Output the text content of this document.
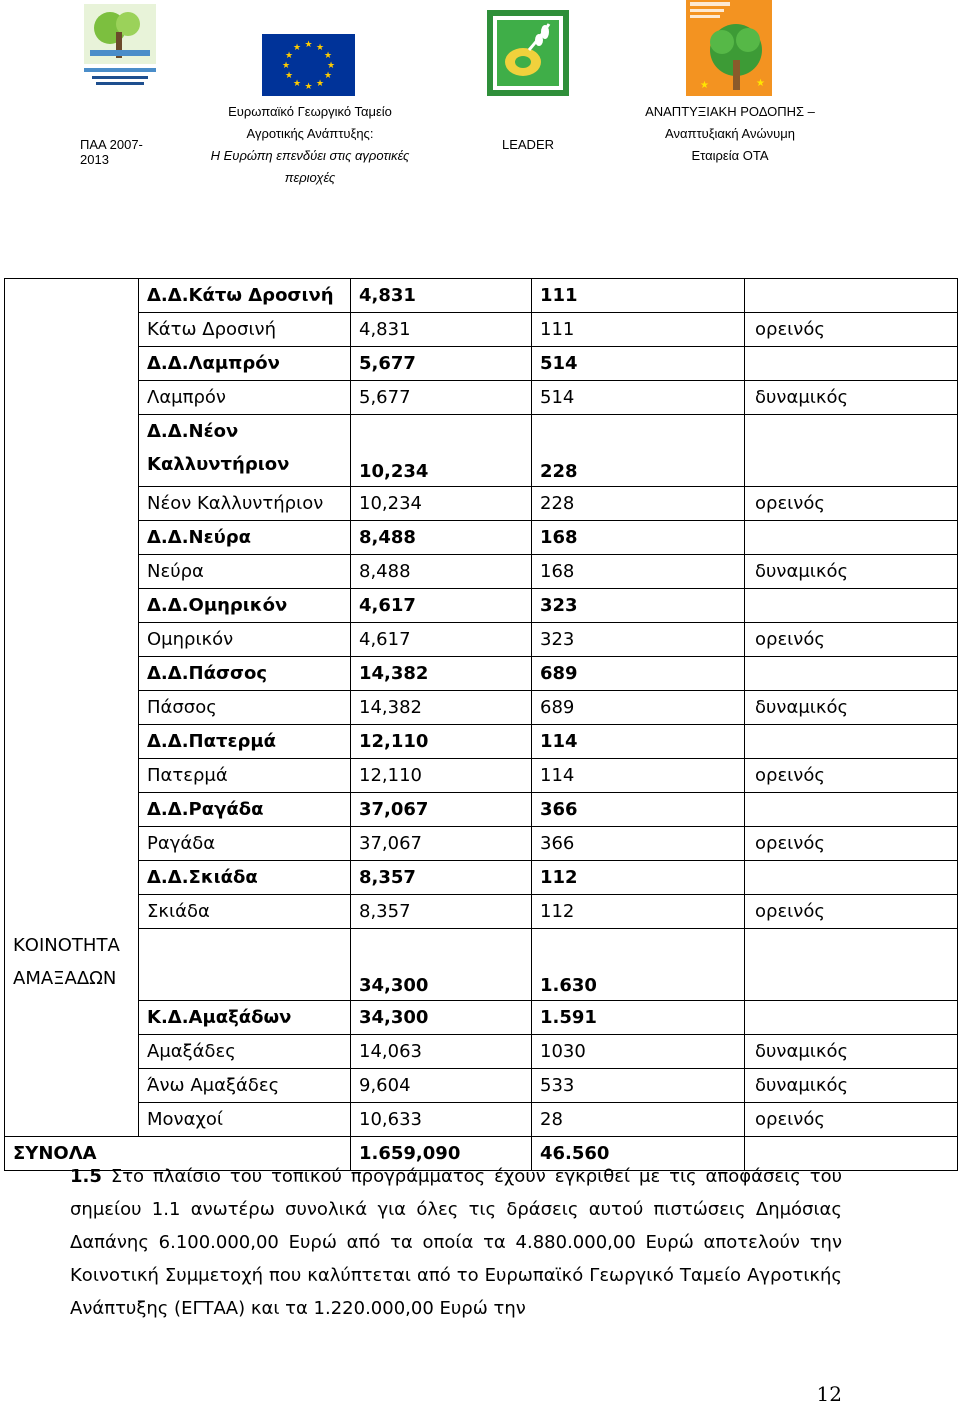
★ ★
★
★
★
★
★
★
★
★
★
★
★	★
ΠΑΑ 2007-2013
Ευρωπαϊκό Γεωργικό Ταμείο
Αγροτικής Ανάπτυξης:
Η Ευρώπη επενδύει στις αγροτικές
περιοχές
LEADER
ΑΝΑΠΤΥΞΙΑΚΗ ΡΟΔΟΠΗΣ –
Αναπτυξιακή Ανώνυμη
Εταιρεία ΟΤΑ
	Δ.Δ.Κάτω Δροσινή	4,831	111	
	Κάτω Δροσινή	4,831	111	ορεινός
	Δ.Δ.Λαμπρόν	5,677	514	
	Λαμπρόν	5,677	514	δυναμικός

	Δ.Δ.Νέον
Καλλυντήριον	10,234	228	
	Νέον Καλλυντήριον	10,234	228	ορεινός
	Δ.Δ.Νεύρα	8,488	168	
	Νεύρα	8,488	168	δυναμικός
	Δ.Δ.Ομηρικόν	4,617	323	
	Ομηρικόν	4,617	323	ορεινός
	Δ.Δ.Πάσσος	14,382	689	
	Πάσσος	14,382	689	δυναμικός
	Δ.Δ.Πατερμά	12,110	114	
	Πατερμά	12,110	114	ορεινός
	Δ.Δ.Ραγάδα	37,067	366	
	Ραγάδα	37,067	366	ορεινός
	Δ.Δ.Σκιάδα	8,357	112	
	Σκιάδα	8,357	112	ορεινός

ΚΟΙΝΟΤΗΤΑ
ΑΜΑΞΑΔΩΝ		34,300	1.630	
	Κ.Δ.Αμαξάδων	34,300	1.591	
	Αμαξάδες	14,063	1030	δυναμικός
	Άνω Αμαξάδες	9,604	533	δυναμικός
	Μοναχοί	10,633	28	ορεινός
ΣΥΝΟΛΑ		1.659,090	46.560	
1.5 Στο πλαίσιο του τοπικού προγράμματος έχουν εγκριθεί με τις αποφάσεις του σημείου 1.1 ανωτέρω συνολικά για όλες τις δράσεις αυτού πιστώσεις Δημόσιας Δαπάνης 6.100.000,00 Ευρώ από τα οποία τα 4.880.000,00 Ευρώ αποτελούν την Κοινοτική Συμμετοχή που καλύπτεται από το Ευρωπαϊκό Γεωργικό Ταμείο Αγροτικής Ανάπτυξης (ΕΓΤΑΑ) και τα 1.220.000,00 Ευρώ την
12
